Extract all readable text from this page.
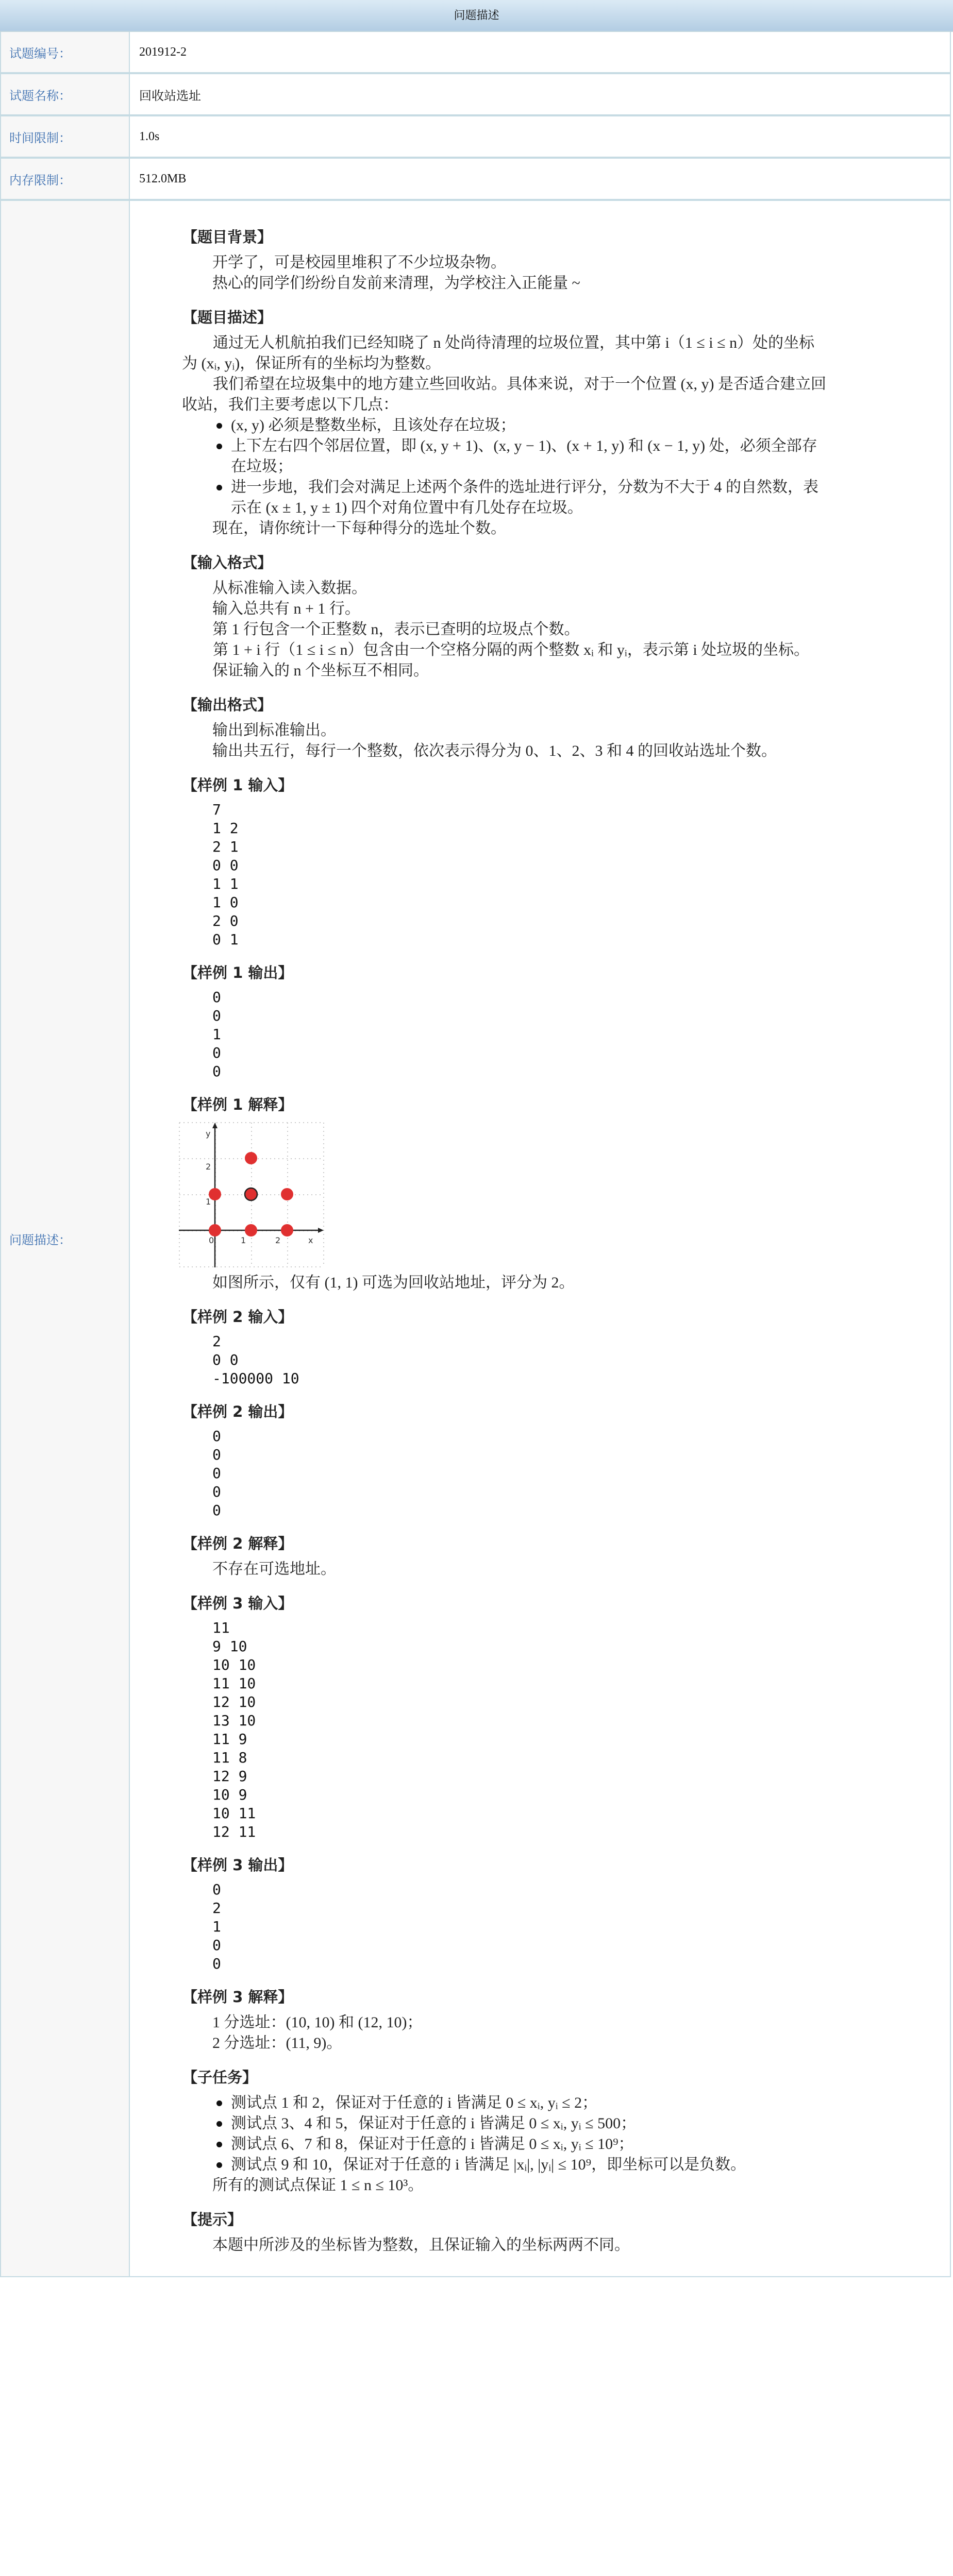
问题描述
试题编号：	201912-2
试题名称：	回收站选址
时间限制：	1.0s
内存限制：	512.0MB
问题描述：
【题目背景】
开学了，可是校园里堆积了不少垃圾杂物。
热心的同学们纷纷自发前来清理，为学校注入正能量 ~
【题目描述】
通过无人机航拍我们已经知晓了 n 处尚待清理的垃圾位置，其中第 i（1 ≤ i ≤ n）处的坐标为 (xᵢ, yᵢ)，保证所有的坐标均为整数。
我们希望在垃圾集中的地方建立些回收站。具体来说，对于一个位置 (x, y) 是否适合建立回收站，我们主要考虑以下几点：
(x, y) 必须是整数坐标，且该处存在垃圾；
上下左右四个邻居位置，即 (x, y + 1)、(x, y − 1)、(x + 1, y) 和 (x − 1, y) 处，必须全部存在垃圾；
进一步地，我们会对满足上述两个条件的选址进行评分，分数为不大于 4 的自然数，表示在 (x ± 1, y ± 1) 四个对角位置中有几处存在垃圾。
现在，请你统计一下每种得分的选址个数。
【输入格式】
从标准输入读入数据。
输入总共有 n + 1 行。
第 1 行包含一个正整数 n，表示已查明的垃圾点个数。
第 1 + i 行（1 ≤ i ≤ n）包含由一个空格分隔的两个整数 xᵢ 和 yᵢ，表示第 i 处垃圾的坐标。
保证输入的 n 个坐标互不相同。
【输出格式】
输出到标准输出。
输出共五行，每行一个整数，依次表示得分为 0、1、2、3 和 4 的回收站选址个数。
【样例 1 输入】
7
1 2
2 1
0 0
1 1
1 0
2 0
0 1
【样例 1 输出】
0
0
1
0
0
【样例 1 解释】
0	1	2	x
1
2
y
如图所示，仅有 (1, 1) 可选为回收站地址，评分为 2。
【样例 2 输入】
2
0 0
-100000 10
【样例 2 输出】
0
0
0
0
0
【样例 2 解释】
不存在可选地址。
【样例 3 输入】
11
9 10
10 10
11 10
12 10
13 10
11 9
11 8
12 9
10 9
10 11
12 11
【样例 3 输出】
0
2
1
0
0
【样例 3 解释】
1 分选址：(10, 10) 和 (12, 10)；
2 分选址：(11, 9)。
【子任务】
测试点 1 和 2，保证对于任意的 i 皆满足 0 ≤ xᵢ, yᵢ ≤ 2；
测试点 3、4 和 5，保证对于任意的 i 皆满足 0 ≤ xᵢ, yᵢ ≤ 500；
测试点 6、7 和 8，保证对于任意的 i 皆满足 0 ≤ xᵢ, yᵢ ≤ 10⁹；
测试点 9 和 10，保证对于任意的 i 皆满足 |xᵢ|, |yᵢ| ≤ 10⁹，即坐标可以是负数。
所有的测试点保证 1 ≤ n ≤ 10³。
【提示】
本题中所涉及的坐标皆为整数，且保证输入的坐标两两不同。
